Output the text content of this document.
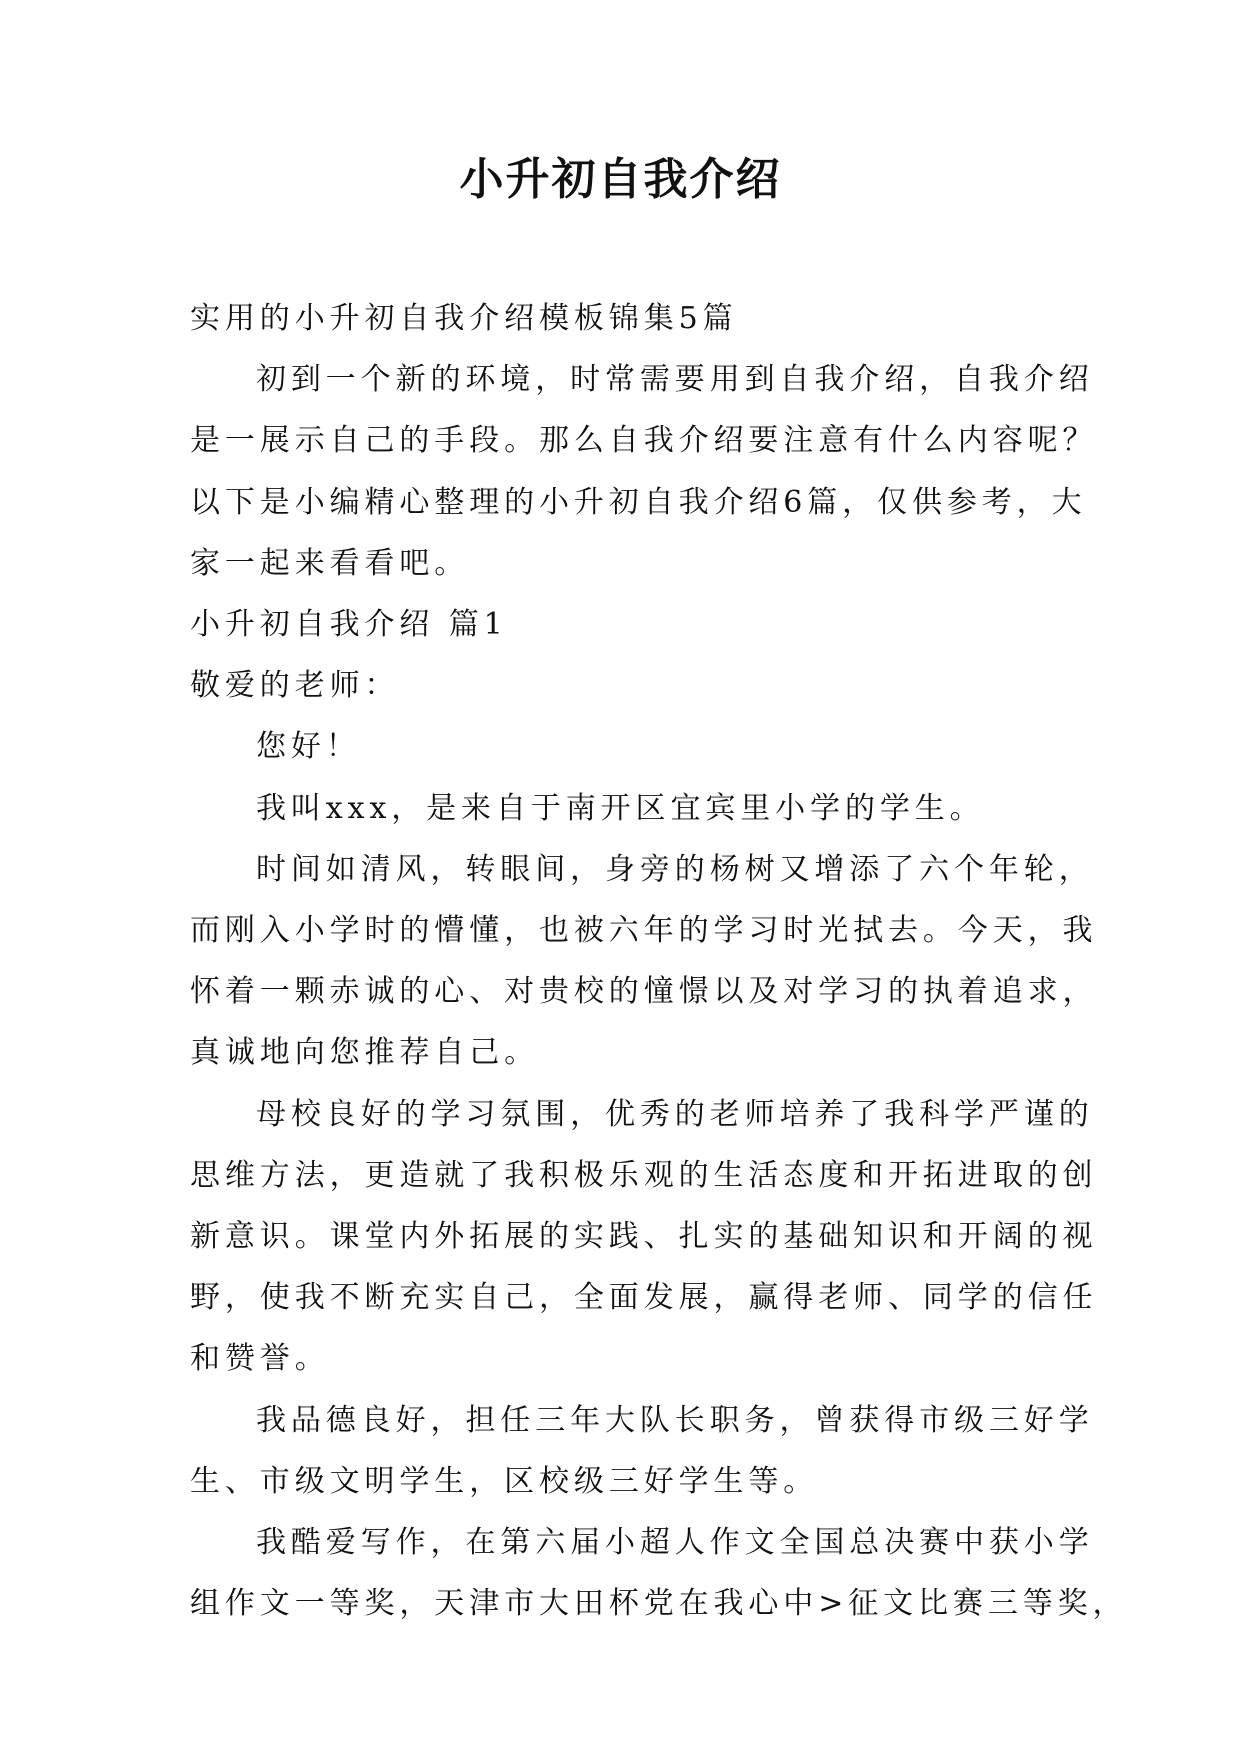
小升初自我介绍

实用的小升初自我介绍模板锦集5篇

初到一个新的环境，时常需要用到自我介绍，自我介绍

是一展示自己的手段。那么自我介绍要注意有什么内容呢？

以下是小编精心整理的小升初自我介绍6篇，仅供参考，大

家一起来看看吧。

小升初自我介绍 篇1

敬爱的老师：

您好！

我叫xxx，是来自于南开区宜宾里小学的学生。

时间如清风，转眼间，身旁的杨树又增添了六个年轮，

而刚入小学时的懵懂，也被六年的学习时光拭去。今天，我

怀着一颗赤诚的心、对贵校的憧憬以及对学习的执着追求，

真诚地向您推荐自己。

母校良好的学习氛围，优秀的老师培养了我科学严谨的

思维方法，更造就了我积极乐观的生活态度和开拓进取的创

新意识。课堂内外拓展的实践、扎实的基础知识和开阔的视

野，使我不断充实自己，全面发展，赢得老师、同学的信任

和赞誉。

我品德良好，担任三年大队长职务，曾获得市级三好学

生、市级文明学生，区校级三好学生等。

我酷爱写作，在第六届小超人作文全国总决赛中获小学

组作文一等奖，天津市大田杯党在我心中>征文比赛三等奖，
